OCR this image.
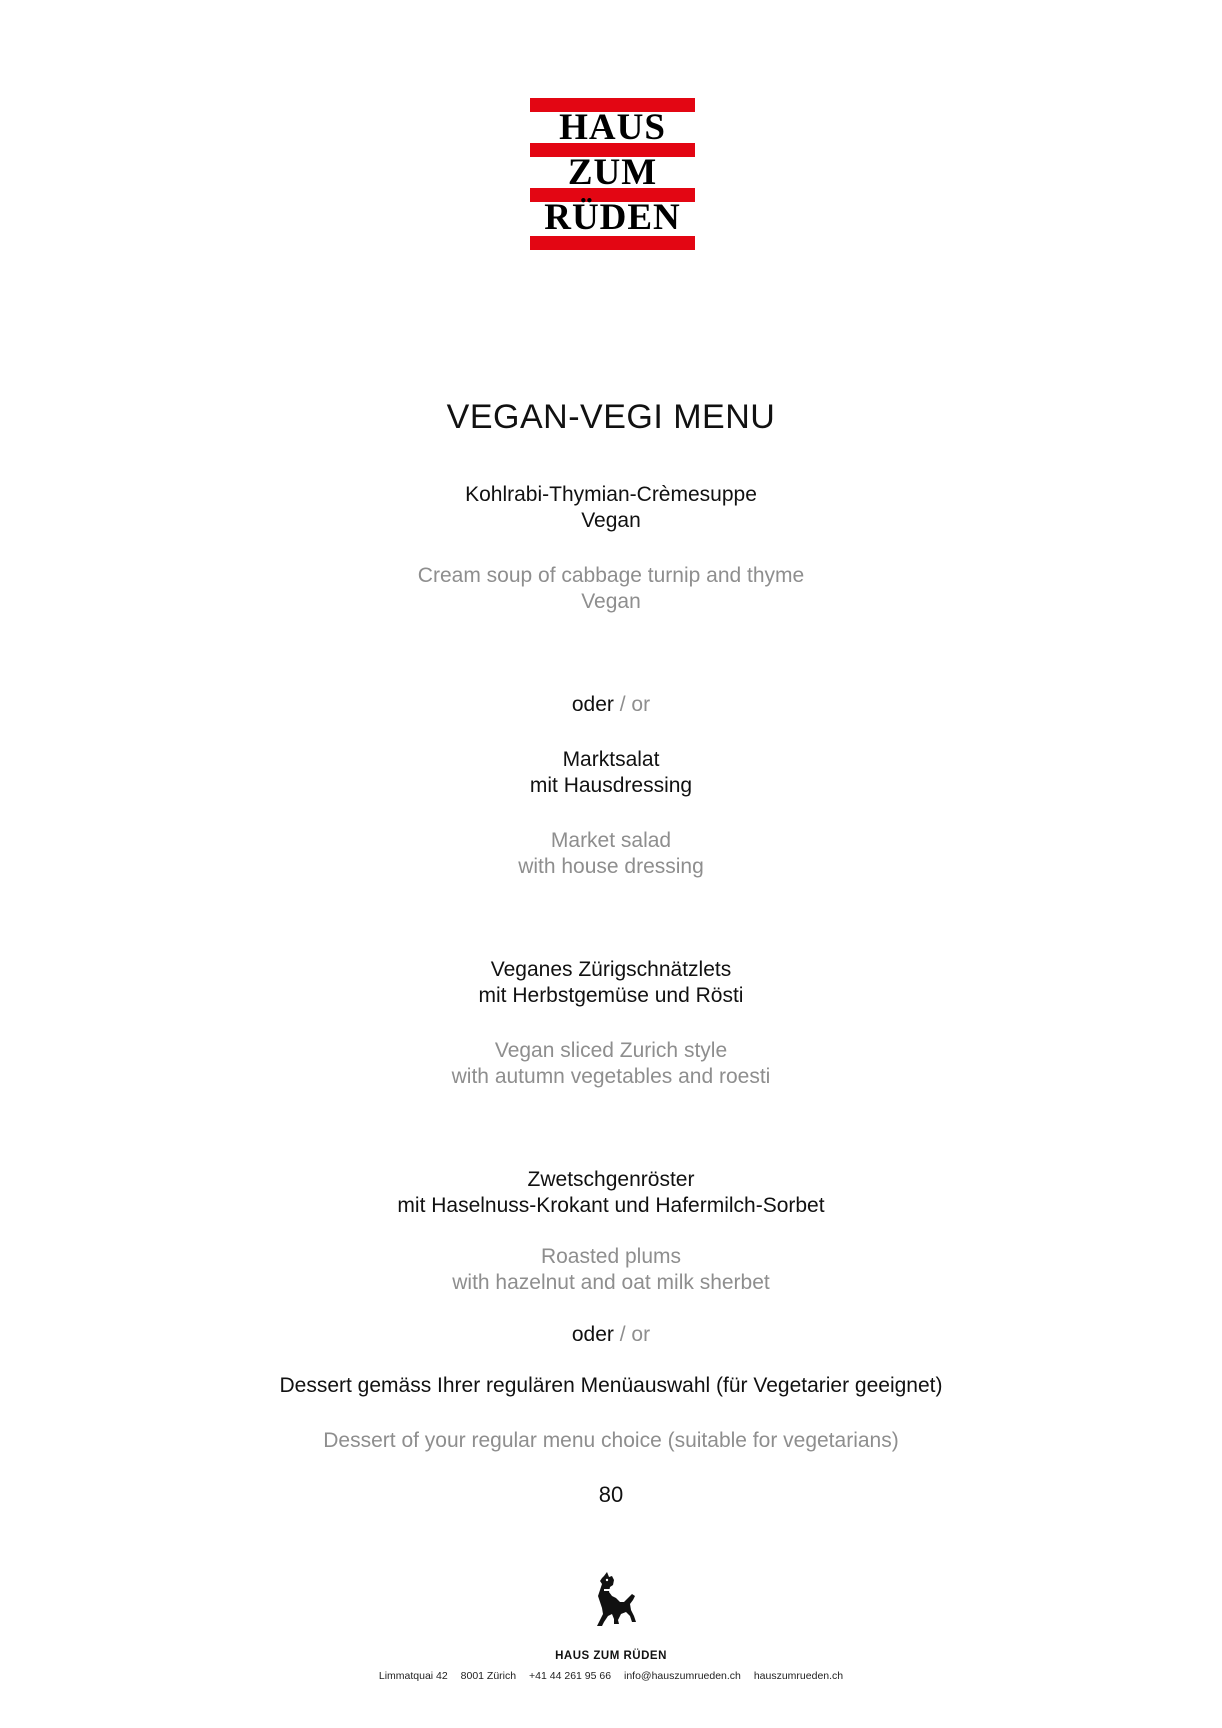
HAUS
ZUM
RÜDEN
VEGAN-VEGI MENU
Kohlrabi-Thymian-Crèmesuppe
Vegan
Cream soup of cabbage turnip and thyme
Vegan
oder / or
Marktsalat
mit Hausdressing
Market salad
with house dressing
Veganes Zürigschnätzlets
mit Herbstgemüse und Rösti
Vegan sliced Zurich style
with autumn vegetables and roesti
Zwetschgenröster
mit Haselnuss-Krokant und Hafermilch-Sorbet
Roasted plums
with hazelnut and oat milk sherbet
oder / or
Dessert gemäss Ihrer regulären Menüauswahl (für Vegetarier geeignet)
Dessert of your regular menu choice (suitable for vegetarians)
80
HAUS ZUM RÜDEN
Limmatquai 42 8001 Zürich +41 44 261 95 66 info@hauszumrueden.ch hauszumrueden.ch
